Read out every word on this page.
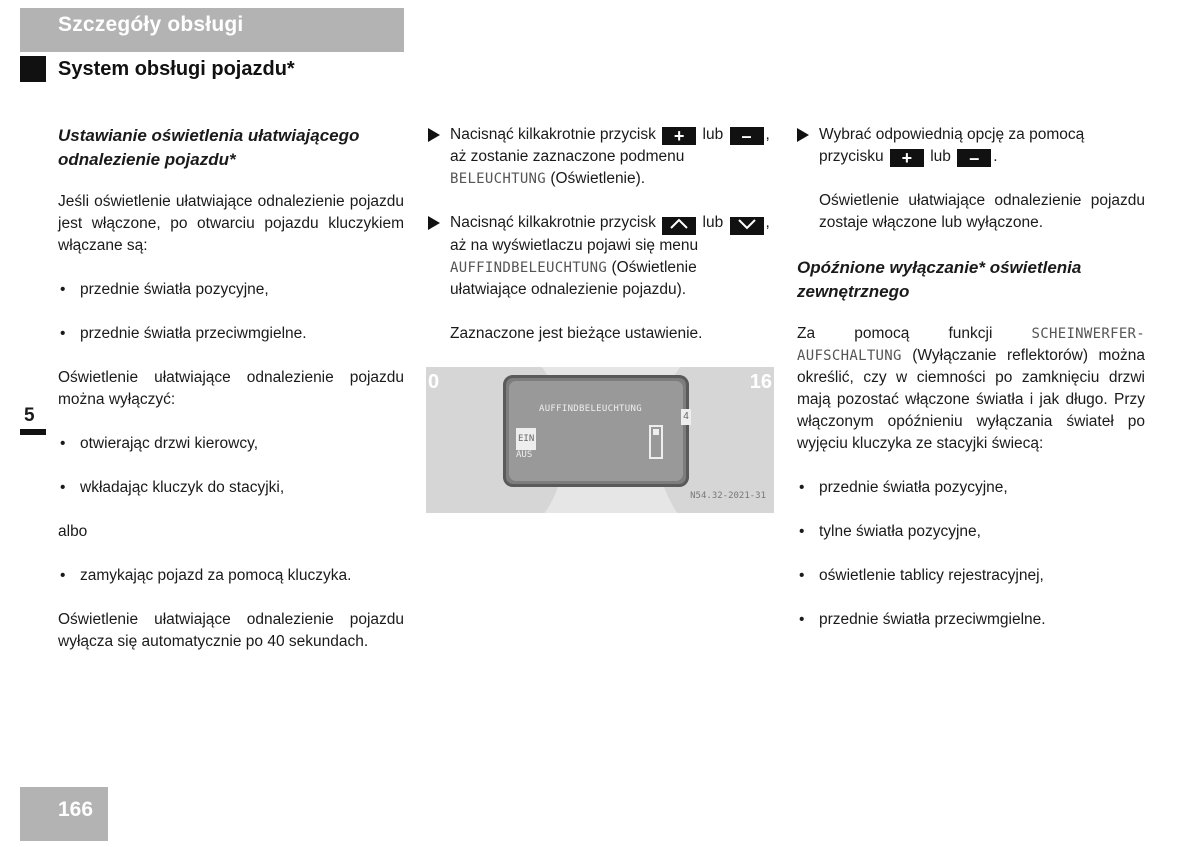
Szczegóły obsługi
System obsługi pojazdu*
5
166
Ustawianie oświetlenia ułatwiającego odnalezienie pojazdu*
Jeśli oświetlenie ułatwiające odnalezienie pojazdu jest włączone, po otwarciu pojazdu kluczykiem włączane są:
• przednie światła pozycyjne,
• przednie światła przeciwmgielne.
Oświetlenie ułatwiające odnalezienie pojazdu można wyłączyć:
• otwierając drzwi kierowcy,
• wkładając kluczyk do stacyjki,
albo
• zamykając pojazd za pomocą kluczyka.
Oświetlenie ułatwiające odnalezienie pojazdu wyłącza się automatycznie po 40 sekundach.
Nacisnąć kilkakrotnie przycisk + lub – , aż zostanie zaznaczone podmenu BELEUCHTUNG (Oświetlenie).
Nacisnąć kilkakrotnie przycisk	lub	, aż na wyświetlaczu pojawi się menu AUFFINDBELEUCHTUNG (Oświetlenie ułatwiające odnalezienie pojazdu).
Zaznaczone jest bieżące ustawienie.
0	16
AUFFINDBELEUCHTUNG
EIN
AUS
4
N54.32-2021-31
Wybrać odpowiednią opcję za pomocą przycisku + lub – .
Oświetlenie ułatwiające odnalezienie pojazdu zostaje włączone lub wyłączone.
Opóźnione wyłączanie* oświetlenia zewnętrznego
Za pomocą funkcji	SCHEINWERFER-AUFSCHALTUNG (Wyłączanie reflektorów) można określić, czy w ciemności po zamknięciu drzwi mają pozostać włączone światła i jak długo. Przy włączonym opóźnieniu wyłączania świateł po wyjęciu kluczyka ze stacyjki świecą:
• przednie światła pozycyjne,
• tylne światła pozycyjne,
• oświetlenie tablicy rejestracyjnej,
• przednie światła przeciwmgielne.
